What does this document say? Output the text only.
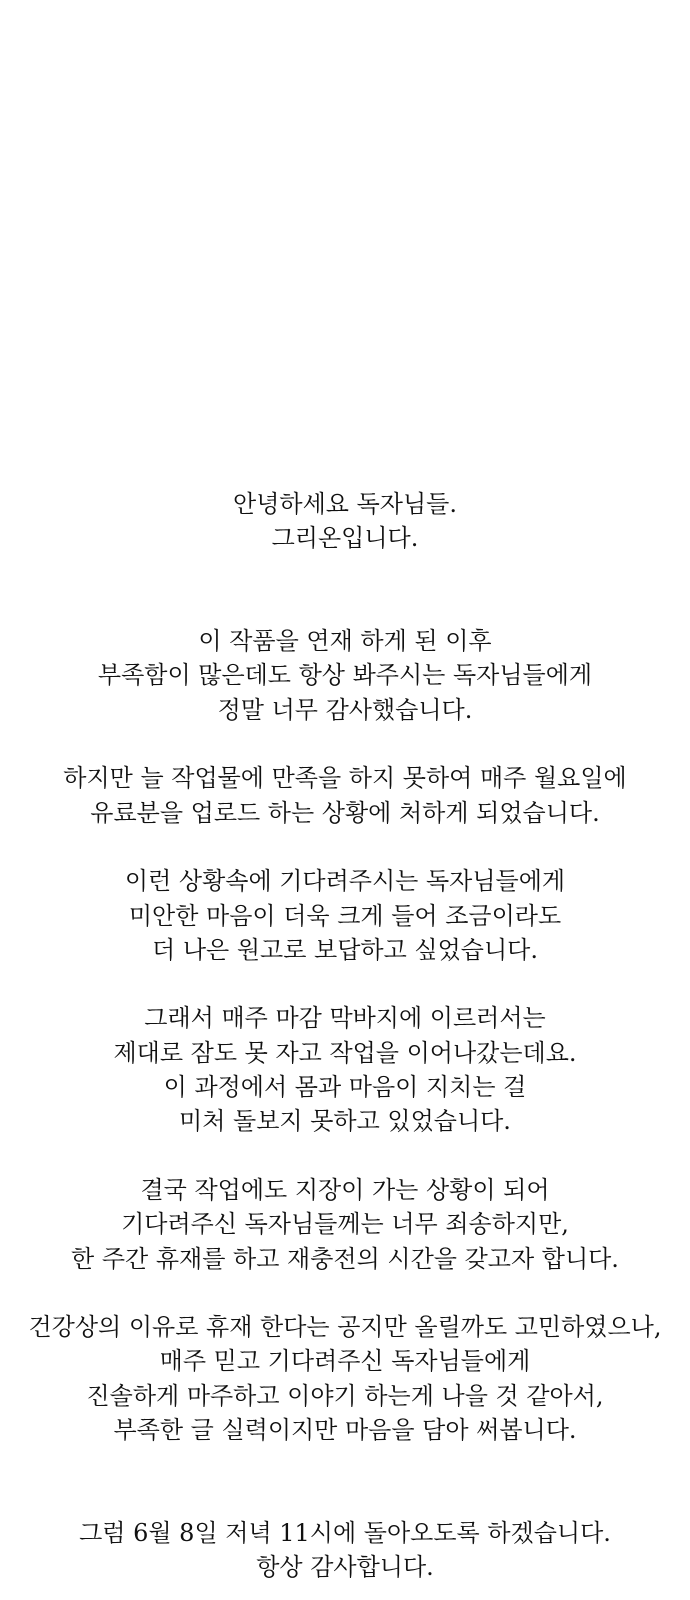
안녕하세요 독자님들.
그리온입니다.
이 작품을 연재 하게 된 이후
부족함이 많은데도 항상 봐주시는 독자님들에게
정말 너무 감사했습니다.
하지만 늘 작업물에 만족을 하지 못하여 매주 월요일에
유료분을 업로드 하는 상황에 처하게 되었습니다.
이런 상황속에 기다려주시는 독자님들에게
미안한 마음이 더욱 크게 들어 조금이라도
더 나은 원고로 보답하고 싶었습니다.
그래서 매주 마감 막바지에 이르러서는
제대로 잠도 못 자고 작업을 이어나갔는데요.
이 과정에서 몸과 마음이 지치는 걸
미처 돌보지 못하고 있었습니다.
결국 작업에도 지장이 가는 상황이 되어
기다려주신 독자님들께는 너무 죄송하지만,
한 주간 휴재를 하고 재충전의 시간을 갖고자 합니다.
건강상의 이유로 휴재 한다는 공지만 올릴까도 고민하였으나,
매주 믿고 기다려주신 독자님들에게
진솔하게 마주하고 이야기 하는게 나을 것 같아서,
부족한 글 실력이지만 마음을 담아 써봅니다.
그럼 6월 8일 저녁 11시에 돌아오도록 하겠습니다.
항상 감사합니다.
